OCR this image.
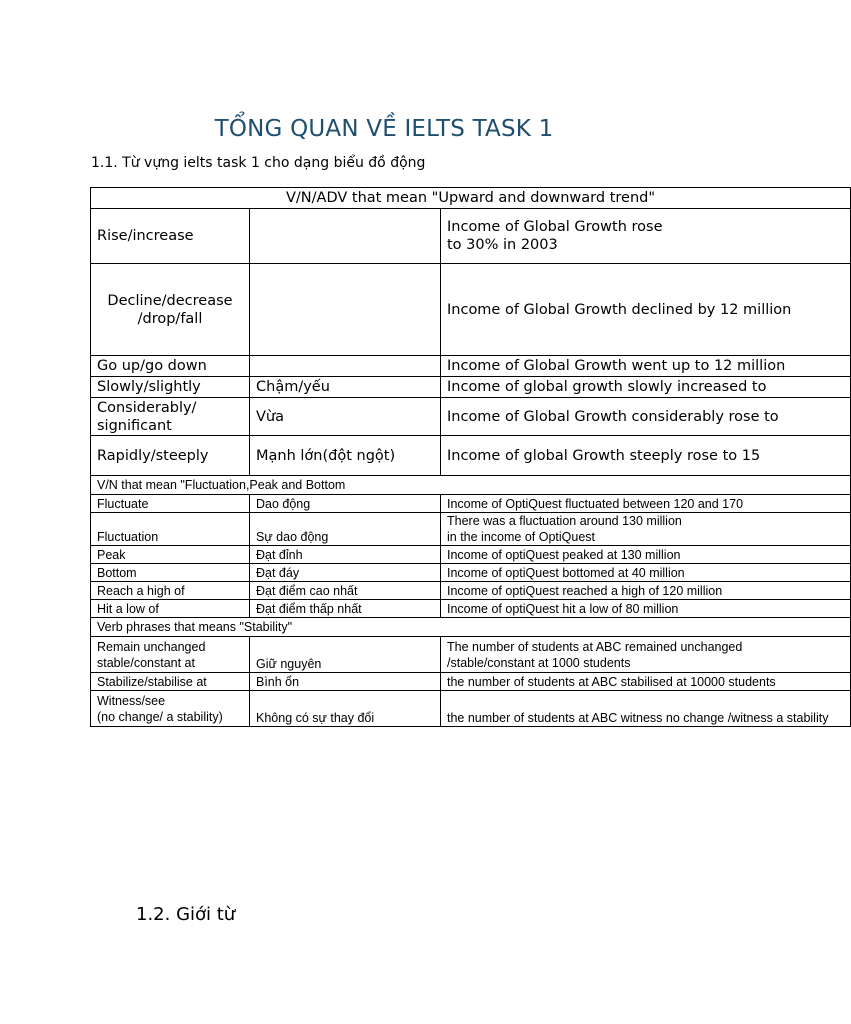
TỔNG QUAN VỀ IELTS TASK 1
1.1. Từ vựng ielts task 1 cho dạng biểu đồ động
V/N/ADV that mean "Upward and downward trend"		
Rise/increase		Income of Global Growth rose
to 30% in 2003
Decline/decrease
/drop/fall		Income of Global Growth declined by 12 million
Go up/go down		Income of Global Growth went up to 12 million
Slowly/slightly	Chậm/yếu	Income of global growth slowly increased to
Considerably/
significant	Vừa	Income of Global Growth considerably rose to
Rapidly/steeply	Mạnh lớn(đột ngột)	Income of global Growth steeply rose to 15
V/N that mean "Fluctuation,Peak and Bottom		
Fluctuate	Dao động	Income of OptiQuest fluctuated between 120 and 170
Fluctuation	Sự dao động	There was a fluctuation around 130 million
in the income of OptiQuest
Peak	Đạt đỉnh	Income of optiQuest peaked at 130 million
Bottom	Đạt đáy	Income of optiQuest bottomed at 40 million
Reach a high of	Đạt điểm cao nhất	Income of optiQuest reached a high of 120 million
Hit a low of	Đạt điểm thấp nhất	Income of optiQuest hit a low of 80 million
Verb phrases that means "Stability"		
Remain unchanged
stable/constant at	Giữ nguyên	The number of students at ABC remained unchanged
/stable/constant at 1000 students
Stabilize/stabilise at	Bình ổn	the number of students at ABC stabilised at 10000 students
Witness/see
(no change/ a stability)	Không có sự thay đổi	the number of students at ABC witness no change /witness a stability
1.2. Giới từ
